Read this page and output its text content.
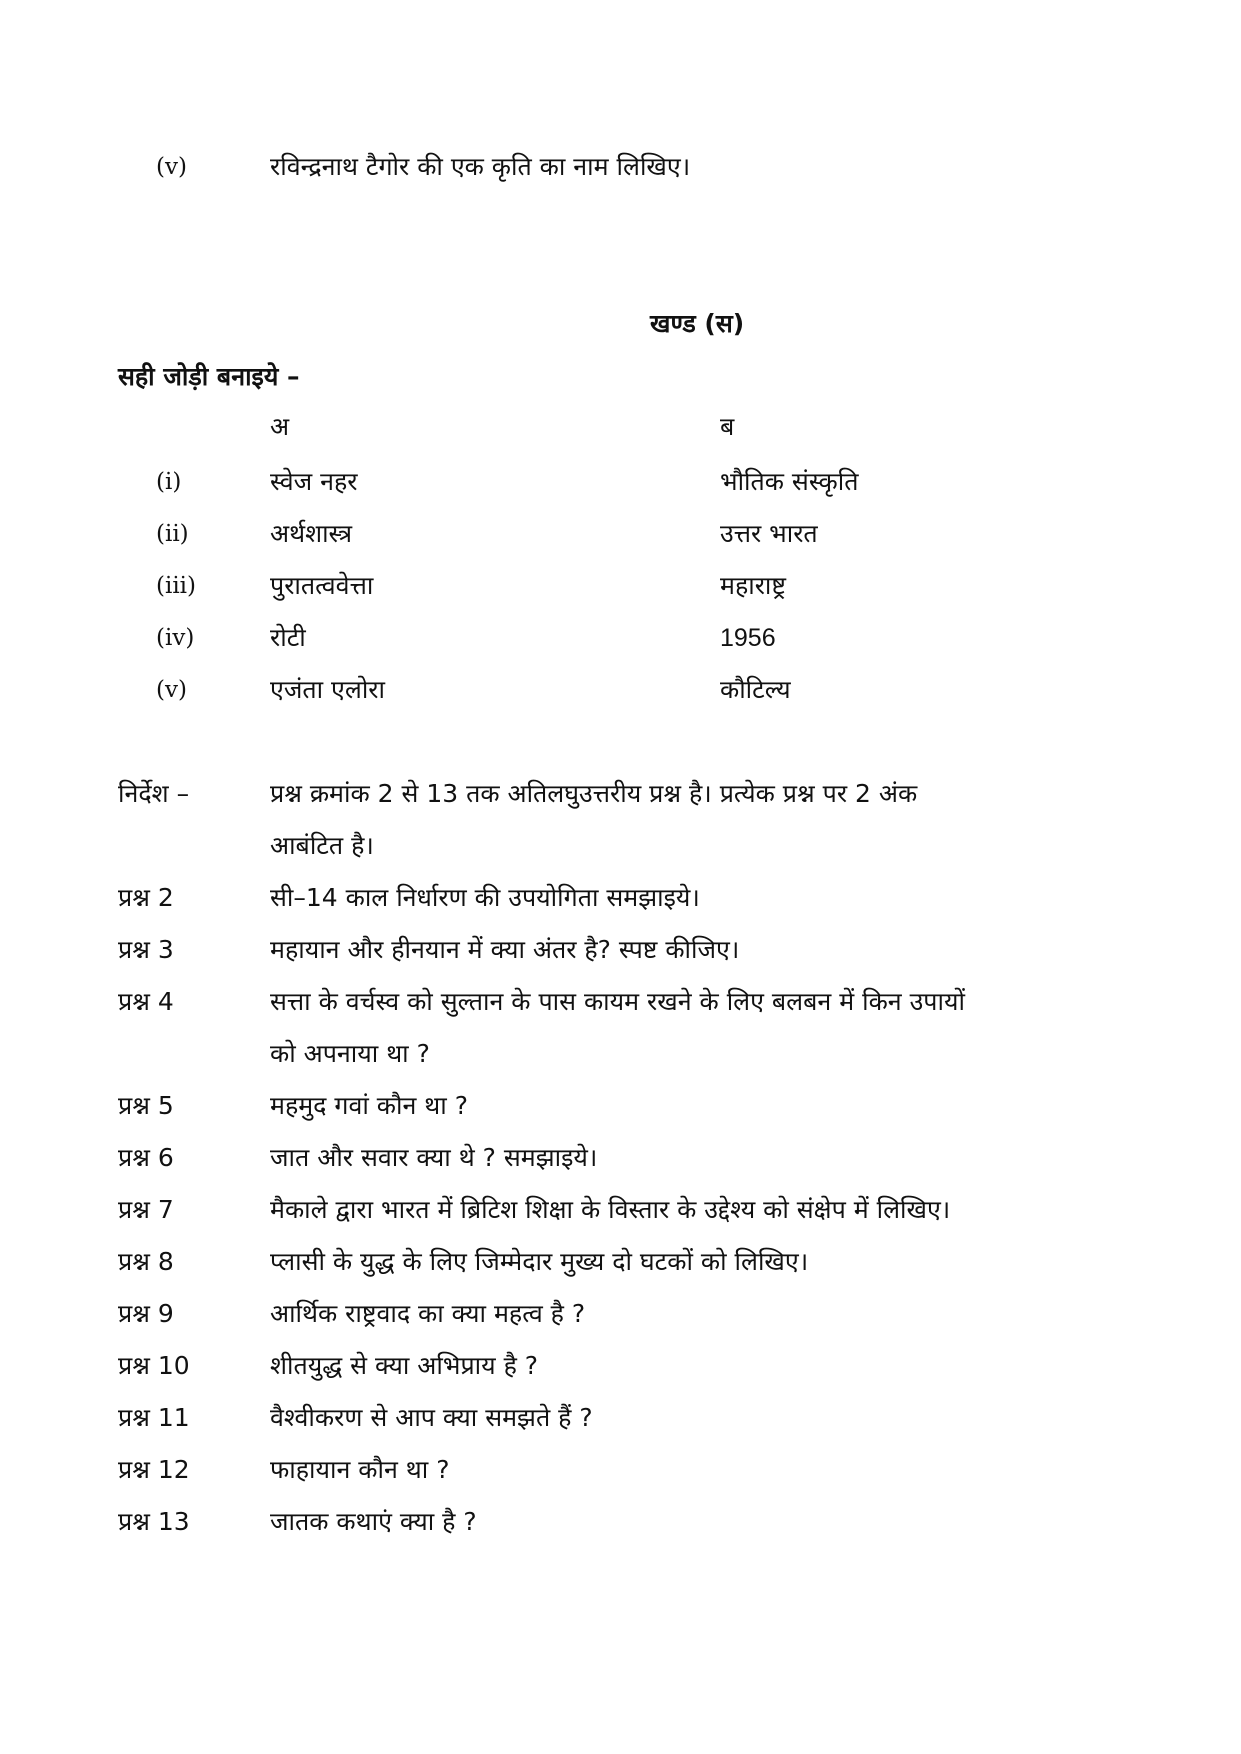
(v)	रविन्द्रनाथ टैगोर की एक कृति का नाम लिखिए।
खण्ड (स)
सही जोड़ी बनाइये –
अ	ब
(i)	स्वेज नहर	भौतिक संस्कृति
(ii)	अर्थशास्त्र	उत्तर भारत
(iii)	पुरातत्ववेत्ता	महाराष्ट्र
(iv)	रोटी	1956
(v)	एजंता एलोरा	कौटिल्य
निर्देश –	प्रश्न क्रमांक 2 से 13 तक अतिलघुउत्तरीय प्रश्न है। प्रत्येक प्रश्न पर 2 अंक
आबंटित है।
प्रश्न 2	सी–14 काल निर्धारण की उपयोगिता समझाइये।
प्रश्न 3	महायान और हीनयान में क्या अंतर है? स्पष्ट कीजिए।
प्रश्न 4	सत्ता के वर्चस्व को सुल्तान के पास कायम रखने के लिए बलबन में किन उपायों
को अपनाया था ?
प्रश्न 5	महमुद गवां कौन था ?
प्रश्न 6	जात और सवार क्या थे ? समझाइये।
प्रश्न 7	मैकाले द्वारा भारत में ब्रिटिश शिक्षा के विस्तार के उद्देश्य को संक्षेप में लिखिए।
प्रश्न 8	प्लासी के युद्ध के लिए जिम्मेदार मुख्य दो घटकों को लिखिए।
प्रश्न 9	आर्थिक राष्ट्रवाद का क्या महत्व है ?
प्रश्न 10	शीतयुद्ध से क्या अभिप्राय है ?
प्रश्न 11	वैश्वीकरण से आप क्या समझते हैं ?
प्रश्न 12	फाहायान कौन था ?
प्रश्न 13	जातक कथाएं क्या है ?
